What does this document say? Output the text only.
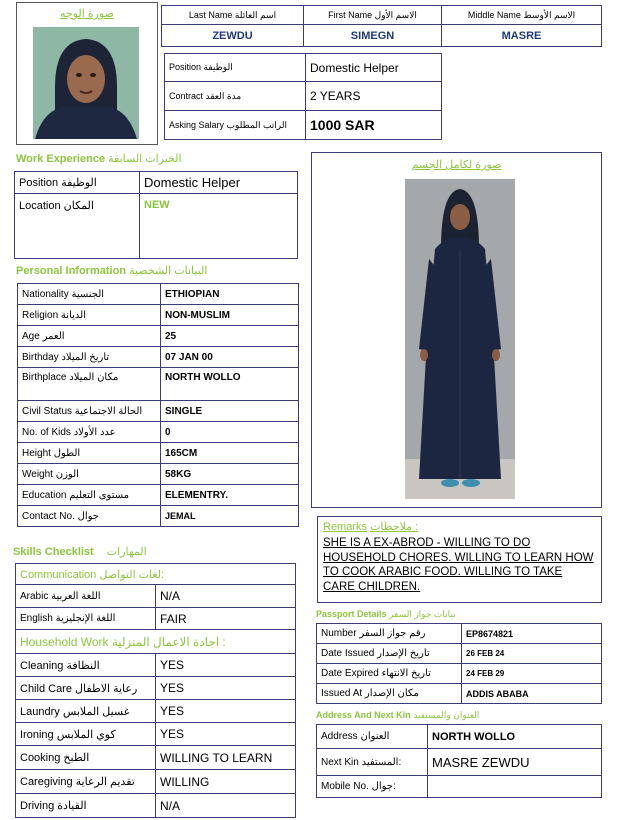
صورة الوجه	Last Name اسم العائلة	First Name الاسم الأول	Middle Name الاسم الأوسط
ZEWDU	SIMEGN	MASRE
Position الوظيفة	Domestic Helper
Contract مدة العقد	2 YEARS
Asking Salary الراتب المطلوب	1000 SAR
Work Experience الخبرات السابقة
Position الوظيفة	Domestic Helper
Location المكان	NEW
Personal Information البيانات الشخصية
Nationality الجنسية	ETHIOPIAN
Religion الديانة	NON-MUSLIM
Age العمر	25
Birthday تاريخ الميلاد	07 JAN 00
Birthplace مكان الميلاد	NORTH WOLLO
Civil Status الحالة الاجتماعية	SINGLE
No. of Kids عدد الأولاد	0
Height الطول	165CM
Weight الوزن	58KG
Education مستوى التعليم	ELEMENTRY.
Contact No. جوال	JEMAL
صورة لكامل الجسم
Remarks ملاحظات :
SHE IS A EX-ABROD - WILLING TO DO HOUSEHOLD CHORES. WILLING TO LEARN HOW TO COOK ARABIC FOOD. WILLING TO TAKE CARE CHILDREN.
Skills Checklist المهارات
Communication لغات التواصل:	
Arabic اللغة العربية	N/A
English اللغة الإنجليزية	FAIR
Household Work اجادة الاعمال المنزلية :	
Cleaning النظافة	YES
Child Care رعاية الاطفال	YES
Laundry غسيل الملابس	YES
Ironing كوي الملابس	YES
Cooking الطبخ	WILLING TO LEARN
Caregiving تقديم الرعاية	WILLING
Driving القيادة	N/A
Passport Details بيانات جواز السفر
Number رقم جواز السفر	EP8674821
Date Issued تاريخ الإصدار	26 FEB 24
Date Expired تاريخ الانتهاء	24 FEB 29
Issued At مكان الإصدار	ADDIS ABABA
Address And Next Kin العنوان والمستفيد
Address العنوان	NORTH WOLLO
Next Kin المستفيد:	MASRE ZEWDU
Mobile No. جوال:	
